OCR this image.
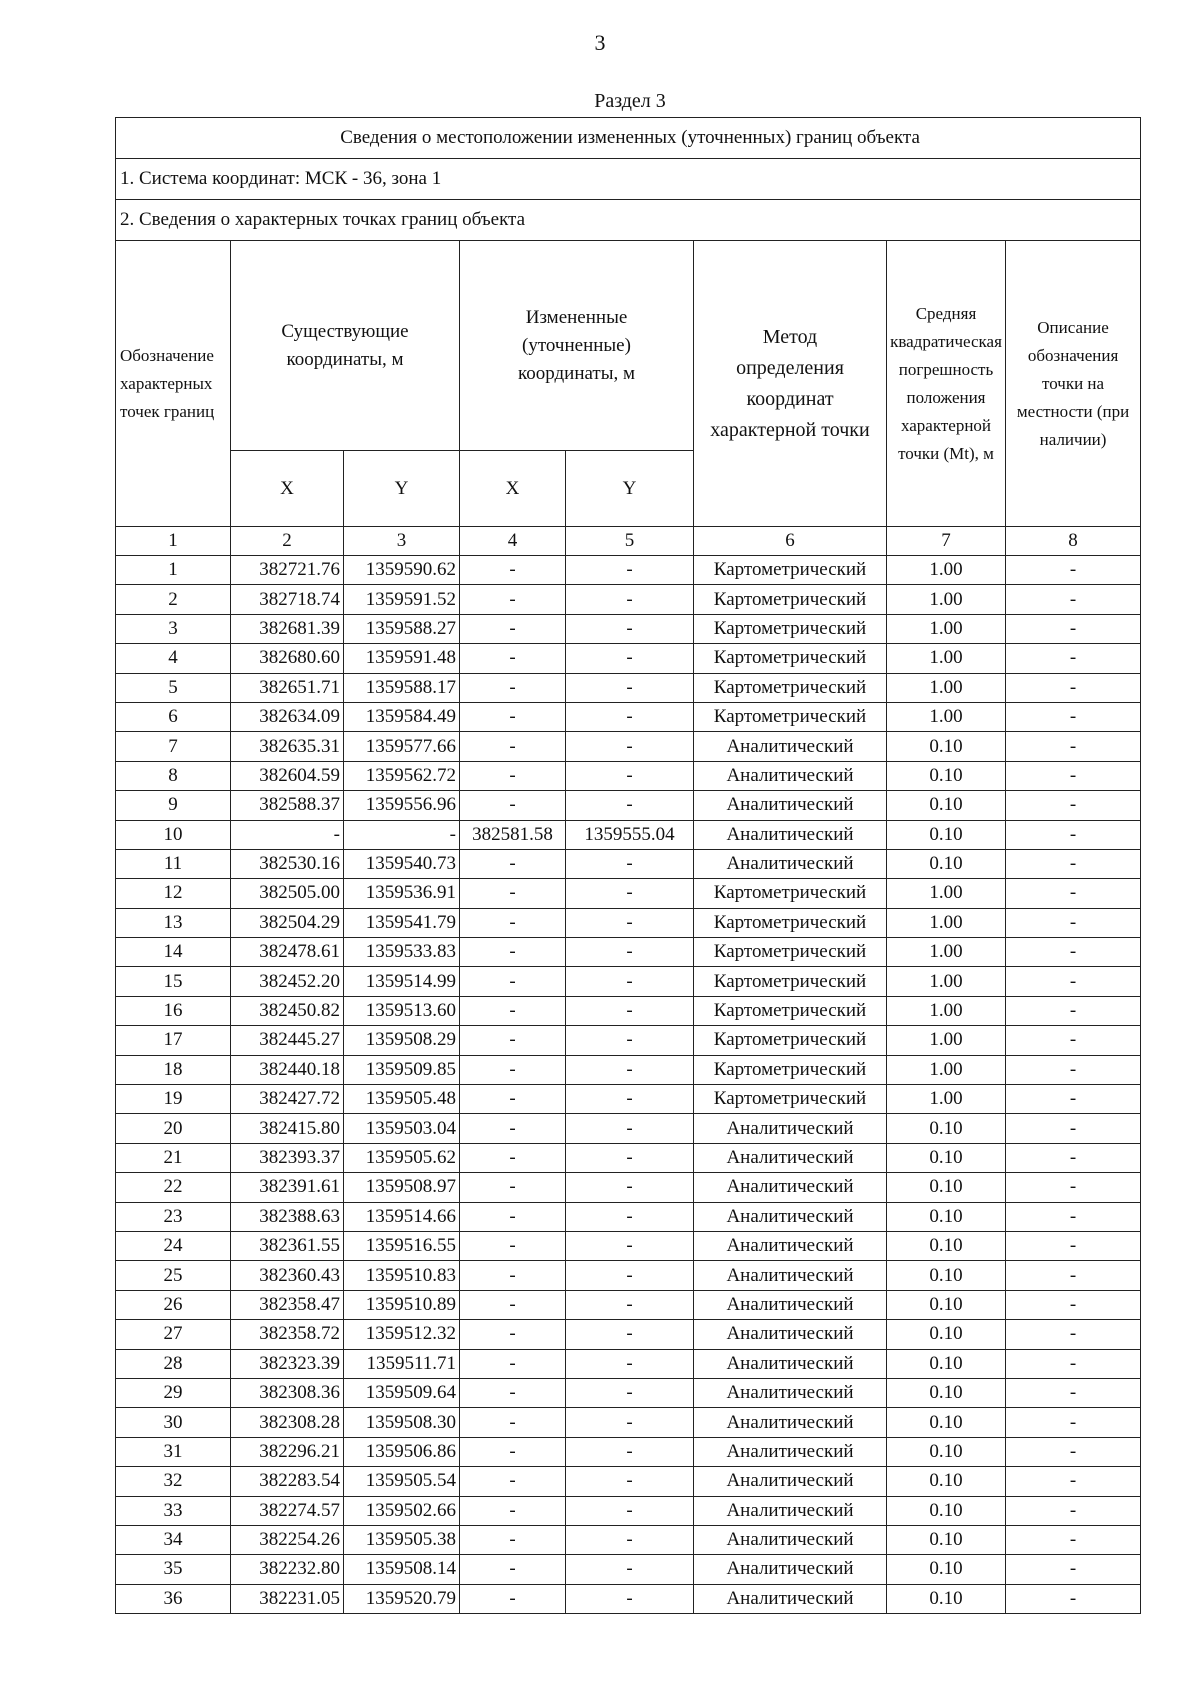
3
Раздел 3
Сведения о местоположении измененных (уточненных) границ объекта							
1. Система координат: МСК - 36, зона 1							
2. Сведения о характерных точках границ объекта							
Обозначение характерных точек границ	Существующие координаты, м		Измененные (уточненные) координаты, м		Метод определения координат характерной точки	Средняя квадратическая погрешность положения характерной точки (Mt), м	Описание обозначения точки на местности (при наличии)
	X	Y	X	Y			
1	2	3	4	5	6	7	8
1	382721.76	1359590.62	-	-	Картометрический	1.00	-
2	382718.74	1359591.52	-	-	Картометрический	1.00	-
3	382681.39	1359588.27	-	-	Картометрический	1.00	-
4	382680.60	1359591.48	-	-	Картометрический	1.00	-
5	382651.71	1359588.17	-	-	Картометрический	1.00	-
6	382634.09	1359584.49	-	-	Картометрический	1.00	-
7	382635.31	1359577.66	-	-	Аналитический	0.10	-
8	382604.59	1359562.72	-	-	Аналитический	0.10	-
9	382588.37	1359556.96	-	-	Аналитический	0.10	-
10	-	-	382581.58	1359555.04	Аналитический	0.10	-
11	382530.16	1359540.73	-	-	Аналитический	0.10	-
12	382505.00	1359536.91	-	-	Картометрический	1.00	-
13	382504.29	1359541.79	-	-	Картометрический	1.00	-
14	382478.61	1359533.83	-	-	Картометрический	1.00	-
15	382452.20	1359514.99	-	-	Картометрический	1.00	-
16	382450.82	1359513.60	-	-	Картометрический	1.00	-
17	382445.27	1359508.29	-	-	Картометрический	1.00	-
18	382440.18	1359509.85	-	-	Картометрический	1.00	-
19	382427.72	1359505.48	-	-	Картометрический	1.00	-
20	382415.80	1359503.04	-	-	Аналитический	0.10	-
21	382393.37	1359505.62	-	-	Аналитический	0.10	-
22	382391.61	1359508.97	-	-	Аналитический	0.10	-
23	382388.63	1359514.66	-	-	Аналитический	0.10	-
24	382361.55	1359516.55	-	-	Аналитический	0.10	-
25	382360.43	1359510.83	-	-	Аналитический	0.10	-
26	382358.47	1359510.89	-	-	Аналитический	0.10	-
27	382358.72	1359512.32	-	-	Аналитический	0.10	-
28	382323.39	1359511.71	-	-	Аналитический	0.10	-
29	382308.36	1359509.64	-	-	Аналитический	0.10	-
30	382308.28	1359508.30	-	-	Аналитический	0.10	-
31	382296.21	1359506.86	-	-	Аналитический	0.10	-
32	382283.54	1359505.54	-	-	Аналитический	0.10	-
33	382274.57	1359502.66	-	-	Аналитический	0.10	-
34	382254.26	1359505.38	-	-	Аналитический	0.10	-
35	382232.80	1359508.14	-	-	Аналитический	0.10	-
36	382231.05	1359520.79	-	-	Аналитический	0.10	-
